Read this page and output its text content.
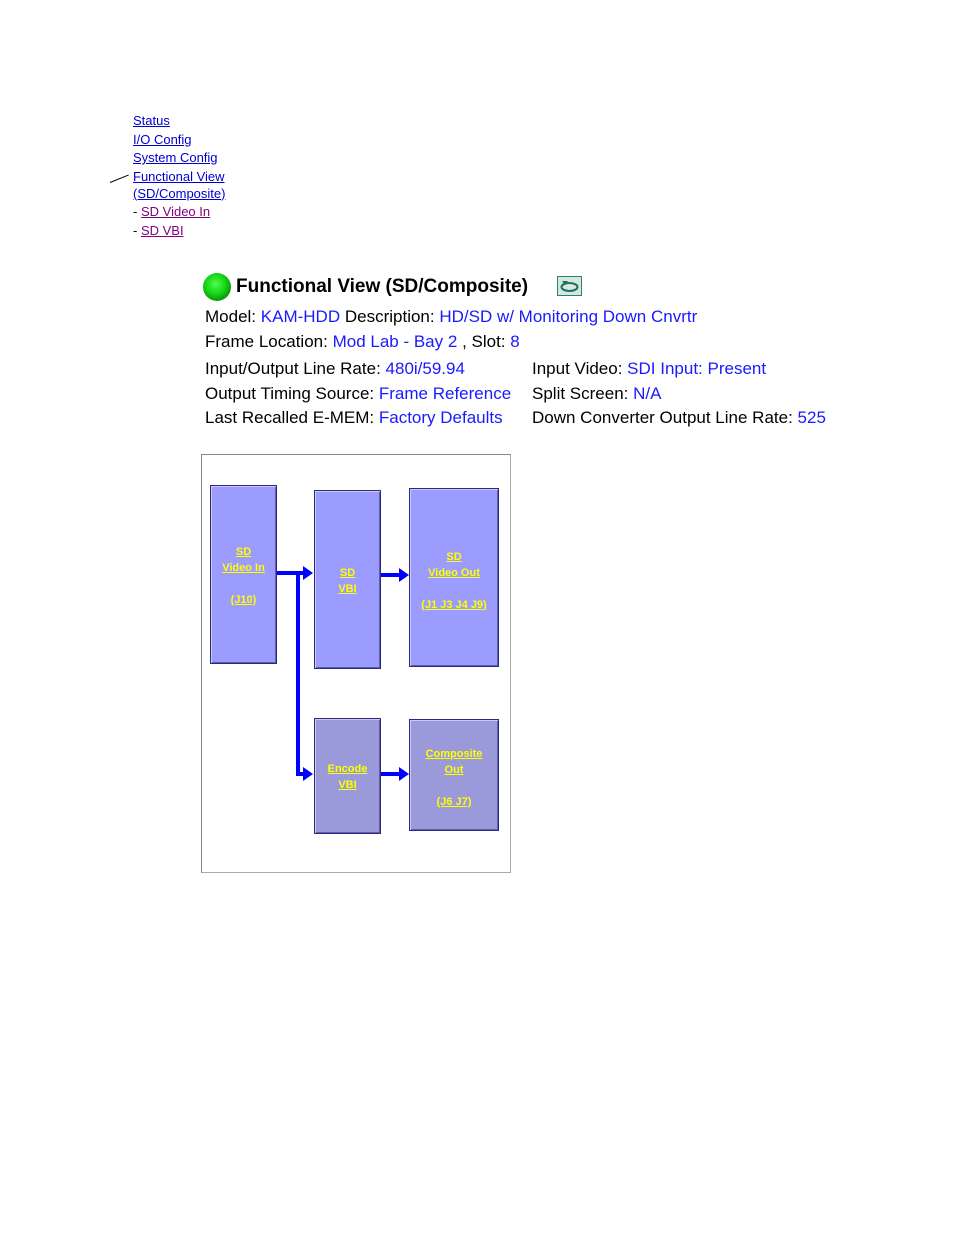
Status
I/O Config
System Config
Functional View
(SD/Composite)
- SD Video In
- SD VBI
Functional View (SD/Composite)
Model: KAM-HDD Description: HD/SD w/ Monitoring Down Cnvrtr
Frame Location: Mod Lab - Bay 2 , Slot: 8
Input/Output Line Rate: 480i/59.94	Input Video: SDI Input: Present
Output Timing Source: Frame Reference Split Screen: N/A
Last Recalled E-MEM: Factory Defaults Down Converter Output Line Rate: 525
SD
Video In
(J10)
SD
VBI
SD
Video Out
(J1 J3 J4 J9)
Encode
VBI
Composite
Out
(J6 J7)
